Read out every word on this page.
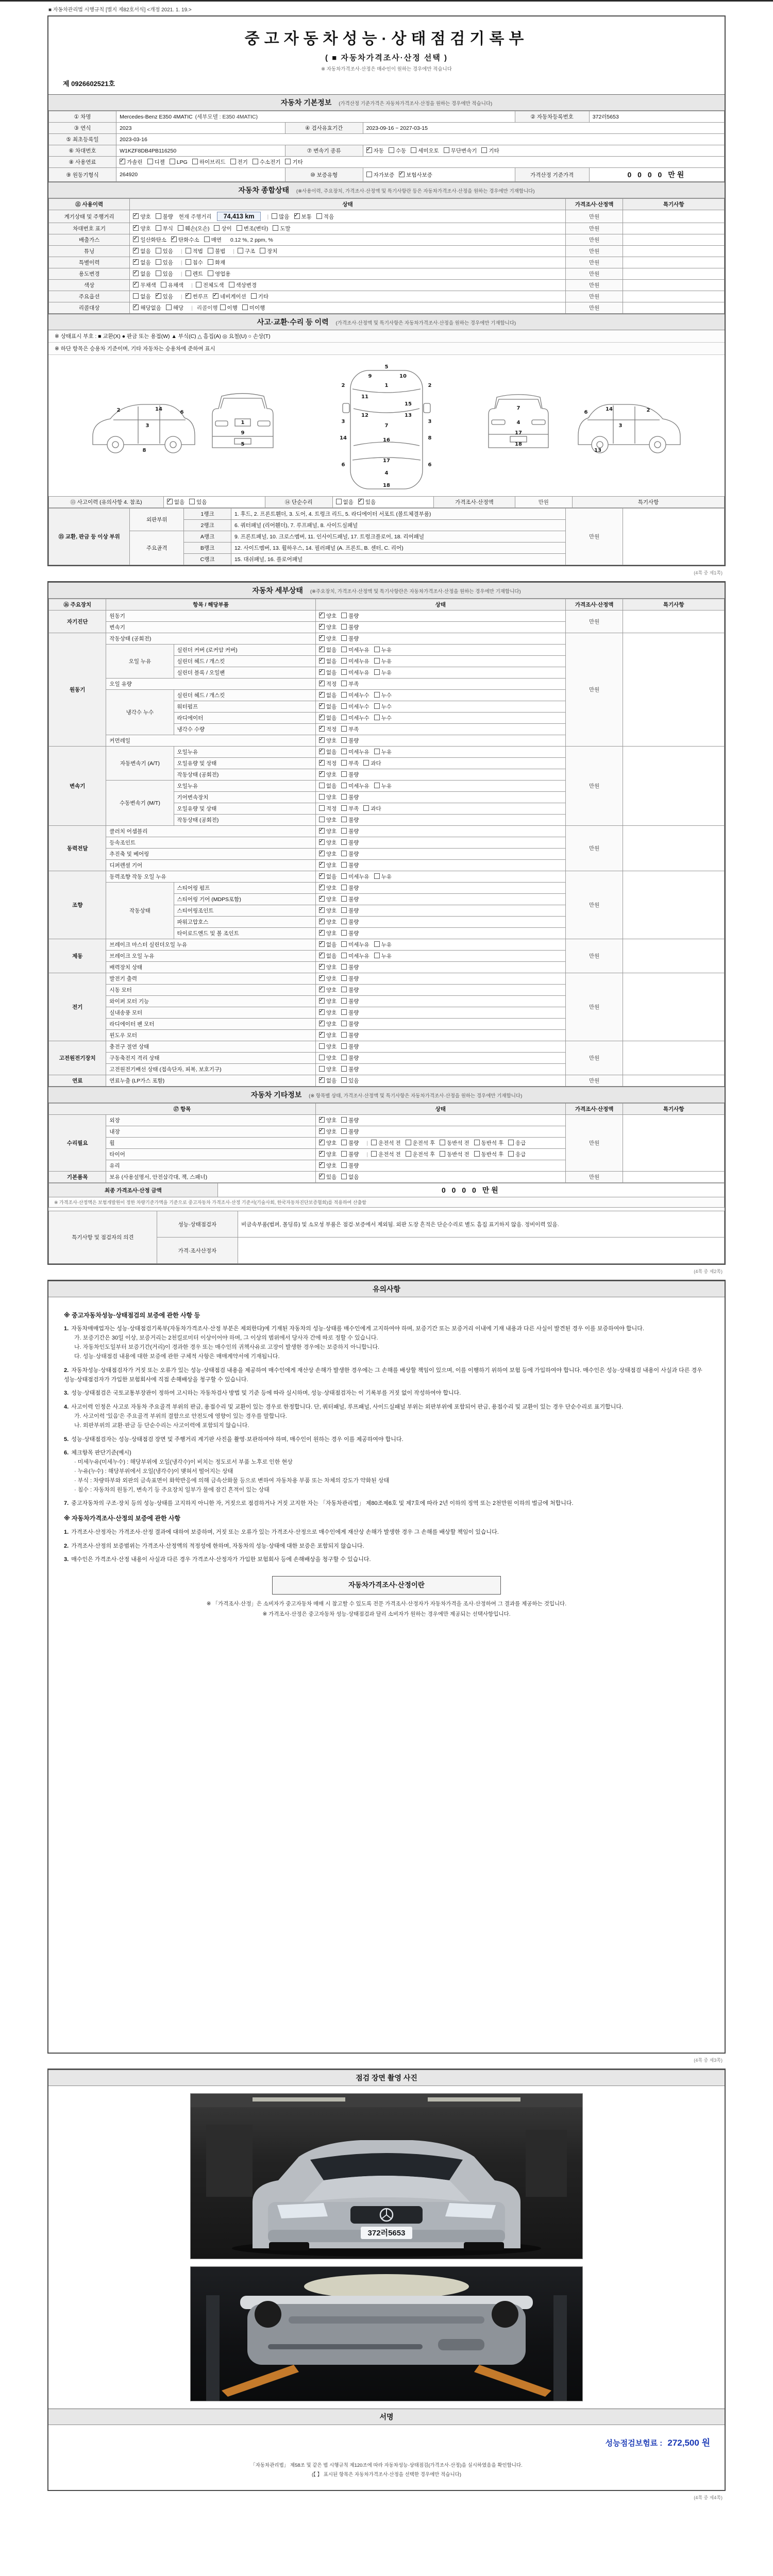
■ 자동차관리법 시행규칙 [별지 제82호서식] <개정 2021. 1. 19.>
중고자동차성능·상태점검기록부
( ■ 자동차가격조사·산정 선택 )
※ 자동차가격조사·산정은 매수인이 원하는 경우에만 적습니다
제 0926602521호
자동차 기본정보 (가격산정 기준가격은 자동차가격조사·산정을 원하는 경우에만 적습니다)
① 차명	Mercedes-Benz E350 4MATIC (세부모델 : E350 4MATIC)			② 자동차등록번호	372러5653
③ 연식	2023	④ 검사유효기간	2023-09-16 ~ 2027-03-15		
⑤ 최초등록일	2023-03-16				
⑥ 차대번호	W1KZF8DB4PB116250	⑦ 변속기 종류	✓자동 수동 세미오토 무단변속기 기타
⑧ 사용연료	✓가솔린 디젤 LPG 하이브리드 전기 수소전기 기타
⑨ 원동기형식	264920	⑩ 보증유형	자가보증 ✓ 보험사보증	가격산정 기준가격	0 0 0 0 만원
자동차 종합상태 (※사용이력, 주요장치, 가격조사·산정액 및 특기사항란 등은 자동차가격조사·산정을 원하는 경우에만 기재합니다)
⑪ 사용이력	상태	가격조사·산정액	특기사항
계기상태 및 주행거리	✓양호 불량 현재 주행거리 74,413 km | 많음 ✓ 보통 적음	만원	
차대번호 표기	✓양호 부식 훼손(오손) 상이 변조(변타) 도말	만원	
배출가스	✓일산화탄소 ✓ 탄화수소 매연 0.12 %, 2 ppm, %	만원	
튜닝	✓없음 있음 | 적법 불법 | 구조 장치	만원	
특별이력	✓없음 있음 | 침수 화재	만원	
용도변경	✓없음 있음 | 렌트 영업용	만원	
색상	✓무채색 유채색 | 전체도색 색상변경	만원	
주요옵션	없음 ✓ 있음 | ✓ 썬루프 ✓ 네비게이션 기타	만원	
리콜대상	✓해당없음 해당 | 리콜이행 이행 미이행	만원	
사고·교환·수리 등 이력 (가격조사·산정액 및 특기사항은 자동차가격조사·산정을 원하는 경우에만 기재합니다)
※ 상태표시 부호 : ■ 교환(X) ● 판금 또는 용접(W) ▲ 부식(C) △ 흠집(A) ◎ 요철(U) ○ 손상(T)
※ 하단 항목은 승용차 기준이며, 기타 자동차는 승용차에 준하여 표시
2	14
6
3
8
1
9
5
5
9	10
1
11
15
2	2
12	13
7
3	3
14	8
16
17
6	6
4
18
7
4
17
18
2
14
6
3
13
⑬ 사고이력 (유의사항 4. 참조)	✓없음 있음	⑭ 단순수리	없음 ✓ 있음	가격조사·산정액	만원	특기사항
⑮ 교환, 판금 등 이상 부위	외판부위	1랭크	1. 후드, 2. 프론트휀더, 3. 도어, 4. 트렁크 리드, 5. 라디에이터 서포트 (볼트체결부품)	만원	
		2랭크	6. 쿼터패널 (리어휀더), 7. 루프패널, 8. 사이드실패널		
	주요골격	A랭크	9. 프론트패널, 10. 크로스멤버, 11. 인사이드패널, 17. 트렁크플로어, 18. 리어패널		
		B랭크	12. 사이드멤버, 13. 휠하우스, 14. 필러패널 (A. 프론트, B. 센터, C. 리어)		
		C랭크	15. 대쉬패널, 16. 플로어패널		
(4쪽 중 제1쪽)
자동차 세부상태 (※주요장치, 가격조사·산정액 및 특기사항란은 자동차가격조사·산정을 원하는 경우에만 기재합니다)
⑯ 주요장치	항목 / 해당부품		상태	가격조사·산정액	특기사항
자기진단	원동기	✓양호 불량	만원	
	변속기	✓양호 불량
원동기	작동상태 (공회전)	✓양호 불량	만원	
	오일 누유	실린더 커버 (로커암 커버)	✓없음 미세누유 누유
		실린더 헤드 / 개스킷	✓없음 미세누유 누유
		실린더 블록 / 오일팬	✓없음 미세누유 누유
	오일 유량	✓적정 부족
	냉각수 누수	실린더 헤드 / 개스킷	✓없음 미세누수 누수
		워터펌프	✓없음 미세누수 누수
		라디에이터	✓없음 미세누수 누수
		냉각수 수량	✓적정 부족
	커먼레일	✓양호 불량
변속기	자동변속기 (A/T)	오일누유	✓없음 미세누유 누유	만원	
		오일유량 및 상태	✓적정 부족 과다
		작동상태 (공회전)	✓양호 불량
	수동변속기 (M/T)	오일누유	없음 미세누유 누유		
		기어변속장치	양호 불량		
		오일유량 및 상태	적정 부족 과다		
		작동상태 (공회전)	양호 불량		
동력전달	클러치 어셈블리	✓양호 불량	만원	
	등속조인트	✓양호 불량
	추진축 및 베어링	✓양호 불량
	디퍼렌셜 기어	✓양호 불량
조향	동력조향 작동 오일 누유	✓없음 미세누유 누유	만원	
	작동상태	스티어링 펌프	✓양호 불량
		스티어링 기어 (MDPS포함)	✓양호 불량
		스티어링조인트	✓양호 불량
		파워고압호스	✓양호 불량
		타이로드엔드 및 볼 조인트	✓양호 불량
제동	브레이크 마스터 실린더오일 누유	✓없음 미세누유 누유	만원	
	브레이크 오일 누유	✓없음 미세누유 누유
	배력장치 상태	✓양호 불량
전기	발전기 출력	✓양호 불량	만원	
	시동 모터	✓양호 불량
	와이퍼 모터 기능	✓양호 불량
	실내송풍 모터	✓양호 불량
	라디에이터 팬 모터	✓양호 불량
	윈도우 모터	✓양호 불량
고전원전기장치	충전구 절연 상태		양호 불량	만원	
	구동축전지 격리 상태		양호 불량		
	고전원전기배선 상태 (접속단자, 피복, 보호기구)		양호 불량		
연료	연료누출 (LP가스 포함)	✓없음 있음	만원	
자동차 기타정보 (※ 항목별 상태, 가격조사·산정액 및 특기사항은 자동차가격조사·산정을 원하는 경우에만 기재합니다)
⑰ 항목		상태	가격조사·산정액	특기사항
수리필요	외장	✓양호 불량	만원	
	내장	✓양호 불량
	휠	✓양호 불량 | 운전석 전 운전석 후 동반석 전 동반석 후 응급
	타이어	✓양호 불량 | 운전석 전 운전석 후 동반석 전 동반석 후 응급
	유리	✓양호 불량
기본품목	보유 (사용설명서, 안전삼각대, 잭, 스패너)	✓있음 없음	만원	
최종 가격조사·산정 금액	0 0 0 0 만원
※ 가격조사·산정액은 보험개발원이 정한 차량기준가액을 기준으로 중고자동차 가격조사·산정 기준서(기술사회, 한국자동차진단보증협회)를 적용하여 산출함
특기사항 및 점검자의 의견	성능·상태점검자	비금속부품(범퍼, 몰딩류) 및 소모성 부품은 점검·보증에서 제외됨. 외판 도장 흔적은 단순수리로 별도 흠집 표기하지 않음. 정비이력 있음.
	가격·조사산정자	
(4쪽 중 제2쪽)
유의사항
※ 중고자동차성능·상태점검의 보증에 관한 사항 등
1. 자동차매매업자는 성능·상태점검기록부(자동차가격조사·산정 부분은 제외한다)에 기재된 자동차의 성능·상태를 매수인에게 고지하여야 하며, 보증기간 또는 보증거리 이내에 기재 내용과 다른 사실이 발견된 경우 이를 보증하여야 합니다.
가. 보증기간은 30일 이상, 보증거리는 2천킬로미터 이상이어야 하며, 그 이상의 범위에서 당사자 간에 따로 정할 수 있습니다.
나. 자동차인도일부터 보증기간(거리)이 경과한 경우 또는 매수인의 귀책사유로 고장이 발생한 경우에는 보증하지 아니합니다.
다. 성능·상태점검 내용에 대한 보증에 관한 구체적 사항은 매매계약서에 기재됩니다.
2. 자동차성능·상태점검자가 거짓 또는 오류가 있는 성능·상태점검 내용을 제공하여 매수인에게 재산상 손해가 발생한 경우에는 그 손해를 배상할 책임이 있으며, 이를 이행하기 위하여 보험 등에 가입하여야 합니다. 매수인은 성능·상태점검 내용이 사실과 다른 경우 성능·상태점검자가 가입한 보험회사에 직접 손해배상을 청구할 수 있습니다.
3. 성능·상태점검은 국토교통부장관이 정하여 고시하는 자동차검사 방법 및 기준 등에 따라 실시하며, 성능·상태점검자는 이 기록부를 거짓 없이 작성하여야 합니다.
4. 사고이력 인정은 사고로 자동차 주요골격 부위의 판금, 용접수리 및 교환이 있는 경우로 한정합니다. 단, 쿼터패널, 루프패널, 사이드실패널 부위는 외판부위에 포함되어 판금, 용접수리 및 교환이 있는 경우 단순수리로 표기합니다.
가. 사고이력 '있음'은 주요골격 부위의 결함으로 안전도에 영향이 있는 경우를 말합니다.
나. 외판부위의 교환·판금 등 단순수리는 사고이력에 포함되지 않습니다.
5. 성능·상태점검자는 성능·상태점검 장면 및 주행거리 계기판 사진을 촬영·보관하여야 하며, 매수인이 원하는 경우 이를 제공하여야 합니다.
6. 체크항목 판단기준(예시)
· 미세누유(미세누수) : 해당부위에 오일(냉각수)이 비치는 정도로서 부품 노후로 인한 현상
· 누유(누수) : 해당부위에서 오일(냉각수)이 맺혀서 떨어지는 상태
· 부식 : 차량하부와 외판의 금속표면이 화학반응에 의해 금속산화물 등으로 변하여 자동차용 부품 또는 차체의 강도가 약화된 상태
· 침수 : 자동차의 원동기, 변속기 등 주요장치 일부가 물에 잠긴 흔적이 있는 상태
7. 중고자동차의 구조·장치 등의 성능·상태를 고지하지 아니한 자, 거짓으로 점검하거나 거짓 고지한 자는 「자동차관리법」 제80조제6호 및 제7호에 따라 2년 이하의 징역 또는 2천만원 이하의 벌금에 처합니다.
※ 자동차가격조사·산정의 보증에 관한 사항
1. 가격조사·산정자는 가격조사·산정 결과에 대하여 보증하며, 거짓 또는 오류가 있는 가격조사·산정으로 매수인에게 재산상 손해가 발생한 경우 그 손해를 배상할 책임이 있습니다.
2. 가격조사·산정의 보증범위는 가격조사·산정액의 적정성에 한하며, 자동차의 성능·상태에 대한 보증은 포함되지 않습니다.
3. 매수인은 가격조사·산정 내용이 사실과 다른 경우 가격조사·산정자가 가입한 보험회사 등에 손해배상을 청구할 수 있습니다.
자동차가격조사·산정이란
※ 「가격조사·산정」은 소비자가 중고자동차 매매 시 참고할 수 있도록 전문 가격조사·산정자가 자동차가격을 조사·산정하여 그 결과를 제공하는 것입니다.
※ 가격조사·산정은 중고자동차 성능·상태점검과 달리 소비자가 원하는 경우에만 제공되는 선택사항입니다.
(4쪽 중 제3쪽)
점검 장면 촬영 사진
372러5653
서명
성능점검보험료 : 272,500 원
「자동차관리법」 제58조 및 같은 법 시행규칙 제120조에 따라 자동차성능·상태점검(가격조사·산정)을 실시하였음을 확인합니다.
(【 】 표시된 항목은 자동차가격조사·산정을 선택한 경우에만 적습니다)
(4쪽 중 제4쪽)
